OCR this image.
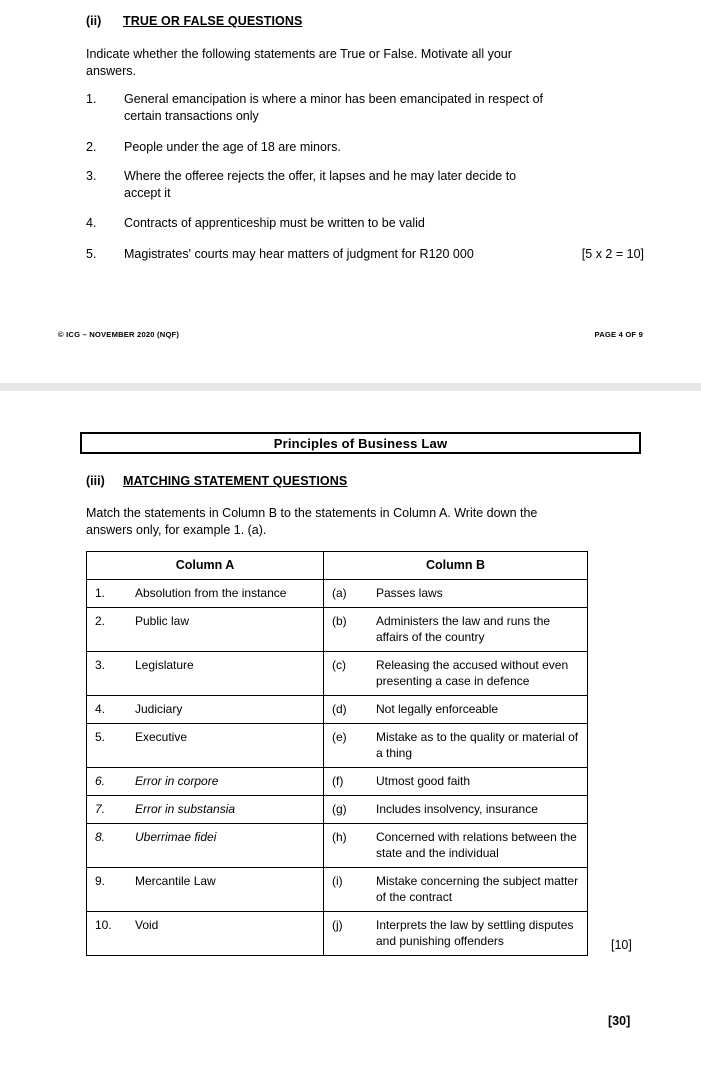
(ii)	TRUE OR FALSE QUESTIONS
Indicate whether the following statements are True or False. Motivate all your answers.
1.	General emancipation is where a minor has been emancipated in respect of certain transactions only
2.	People under the age of 18 are minors.
3.	Where the offeree rejects the offer, it lapses and he may later decide to accept it
4.	Contracts of apprenticeship must be written to be valid
5.	Magistrates' courts may hear matters of judgment for R120 000	[5 x 2 = 10]
© ICG – NOVEMBER 2020 (NQF)	PAGE 4 OF 9
Principles of Business Law
(iii)	MATCHING STATEMENT QUESTIONS
Match the statements in Column B to the statements in Column A. Write down the answers only, for example 1. (a).
Column A	Column B

1. Absolution from the instance	(a) Passes laws

2. Public law	(b) Administers the law and runs the affairs of the country

3. Legislature	(c) Releasing the accused without even presenting a case in defence

4. Judiciary	(d) Not legally enforceable

5. Executive	(e) Mistake as to the quality or material of a thing

6. Error in corpore	(f) Utmost good faith

7. Error in substansia	(g) Includes insolvency, insurance

8. Uberrimae fidei	(h) Concerned with relations between the state and the individual

9. Mercantile Law	(i) Mistake concerning the subject matter of the contract

10. Void	(j) Interprets the law by settling disputes and punishing offenders	[10]
[30]
